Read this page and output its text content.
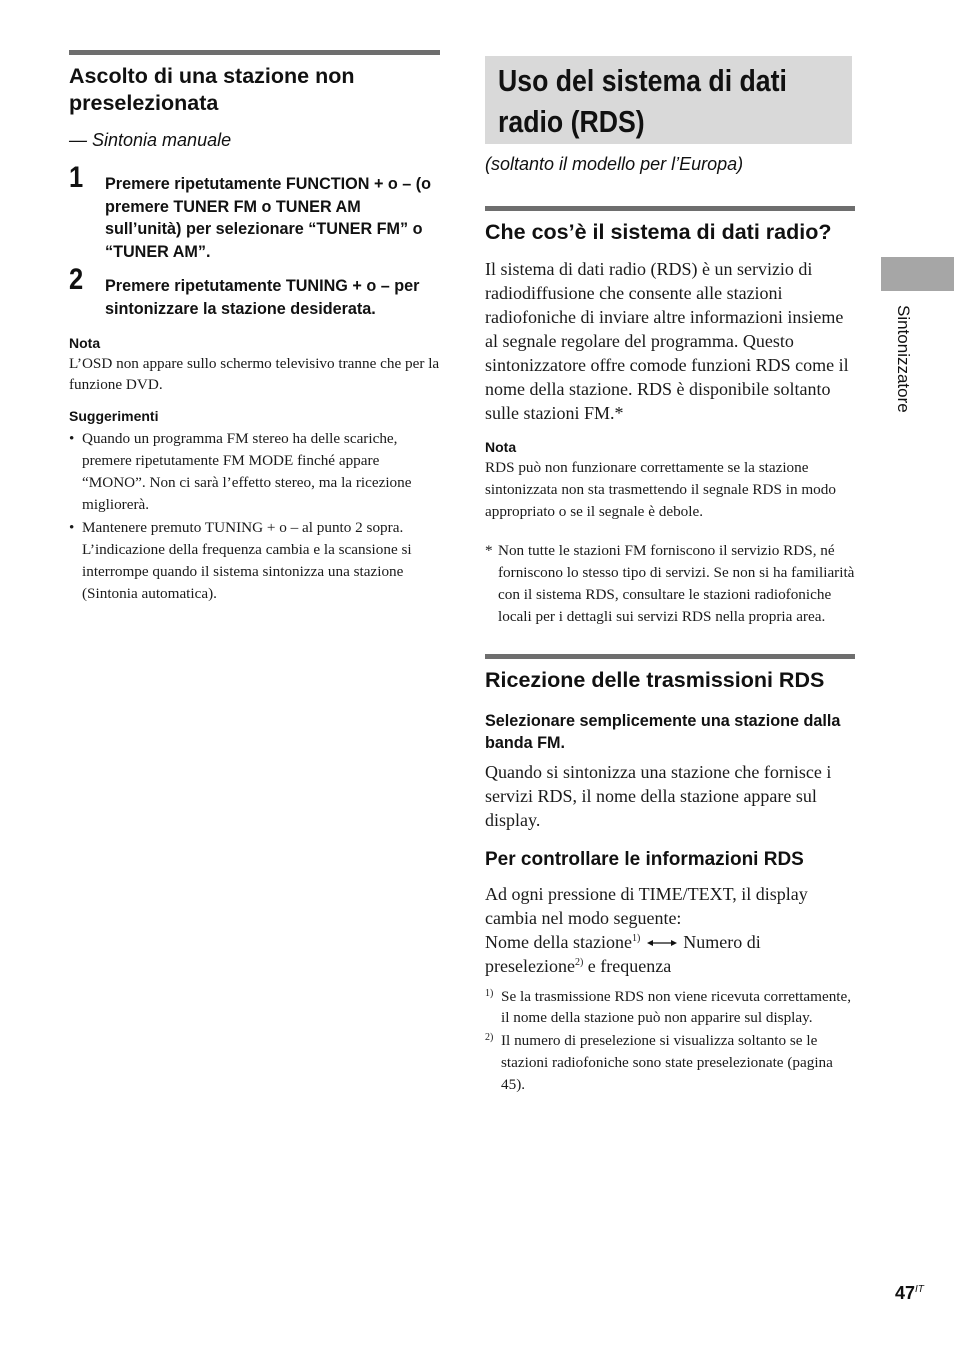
Ascolto di una stazione non preselezionata
— Sintonia manuale
1 Premere ripetutamente FUNCTION + o – (o premere TUNER FM o TUNER AM sull’unità) per selezionare “TUNER FM” o “TUNER AM”.
2 Premere ripetutamente TUNING + o – per sintonizzare la stazione desiderata.
Nota
L’OSD non appare sullo schermo televisivo tranne che per la funzione DVD.
Suggerimenti
• Quando un programma FM stereo ha delle scariche, premere ripetutamente FM MODE finché appare “MONO”. Non ci sarà l’effetto stereo, ma la ricezione migliorerà.
• Mantenere premuto TUNING + o – al punto 2 sopra. L’indicazione della frequenza cambia e la scansione si interrompe quando il sistema sintonizza una stazione (Sintonia automatica).
Uso del sistema di dati
radio (RDS)
(soltanto il modello per l’Europa)
Che cos’è il sistema di dati radio?
Il sistema di dati radio (RDS) è un servizio di radiodiffusione che consente alle stazioni radiofoniche di inviare altre informazioni insieme al segnale regolare del programma. Questo sintonizzatore offre comode funzioni RDS come il nome della stazione. RDS è disponibile soltanto sulle stazioni FM.*
Nota
RDS può non funzionare correttamente se la stazione sintonizzata non sta trasmettendo il segnale RDS in modo appropriato o se il segnale è debole.
* Non tutte le stazioni FM forniscono il servizio RDS, né forniscono lo stesso tipo di servizi. Se non si ha familiarità con il sistema RDS, consultare le stazioni radiofoniche locali per i dettagli sui servizi RDS nella propria area.
Ricezione delle trasmissioni RDS
Selezionare semplicemente una stazione dalla banda FM.
Quando si sintonizza una stazione che fornisce i servizi RDS, il nome della stazione appare sul display.
Per controllare le informazioni RDS
Ad ogni pressione di TIME/TEXT, il display cambia nel modo seguente:
Nome della stazione$^{1)}$ Numero di preselezione$^{2)}$ e frequenza
1) Se la trasmissione RDS non viene ricevuta correttamente, il nome della stazione può non apparire sul display.
2) Il numero di preselezione si visualizza soltanto se le stazioni radiofoniche sono state preselezionate (pagina 45).
Sintonizzatore
$47^{IT}$
